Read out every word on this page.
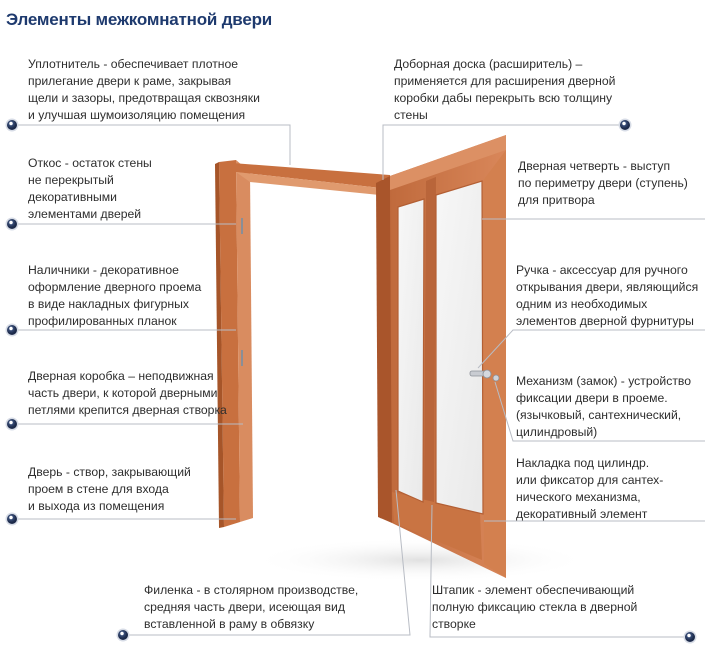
Элементы межкомнатной двери
Уплотнитель - обеспечивает плотное
прилегание двери к раме, закрывая
щели и зазоры, предотвращая сквозняки
и улучшая шумоизоляцию помещения
Откос - остаток стены
не перекрытый
декоративными
элементами дверей
Наличники - декоративное
оформление дверного проема
в виде накладных фигурных
профилированных планок
Дверная коробка – неподвижная
часть двери, к которой дверными
петлями крепится дверная створка
Дверь - створ, закрывающий
проем в стене для входа
и выхода из помещения
Филенка - в столярном производстве,
средняя часть двери, исеющая вид
вставленной в раму в обвязку
Штапик - элемент обеспечивающий
полную фиксацию стекла в дверной
створке
Доборная доска (расширитель) –
применяется для расширения дверной
коробки дабы перекрыть всю толщину
стены
Дверная четверть - выступ
по периметру двери (ступень)
для притвора
Ручка - аксессуар для ручного
открывания двери, являющийся
одним из необходимых
элементов дверной фурнитуры
Механизм (замок) - устройство
фиксации двери в проеме.
(язычковый, сантехнический,
цилиндровый)
Накладка под цилиндр.
или фиксатор для сантех-
нического механизма,
декоративный элемент
